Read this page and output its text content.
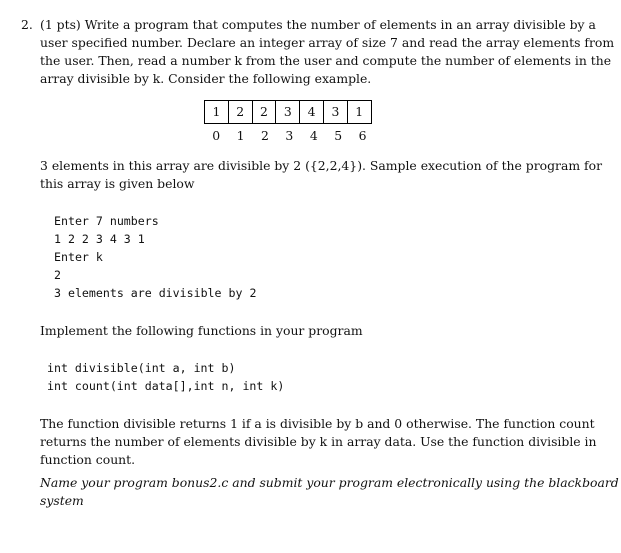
2. (1 pts) Write a program that computes the number of elements in an array divisible by a
user specified number. Declare an integer array of size 7 and read the array elements from
the user. Then, read a number k from the user and compute the number of elements in the
array divisible by k. Consider the following example.
1	2	2	3	4	3	1
0	1	2	3	4	5	6
3 elements in this array are divisible by 2 ({2,2,4}). Sample execution of the program for
this array is given below
Enter 7 numbers
1 2 2 3 4 3 1
Enter k
2
3 elements are divisible by 2
Implement the following functions in your program
int divisible(int a, int b)
int count(int data[],int n, int k)
The function divisible returns 1 if a is divisible by b and 0 otherwise. The function count
returns the number of elements divisible by k in array data. Use the function divisible in
function count.
Name your program bonus2.c and submit your program electronically using the blackboard
system
